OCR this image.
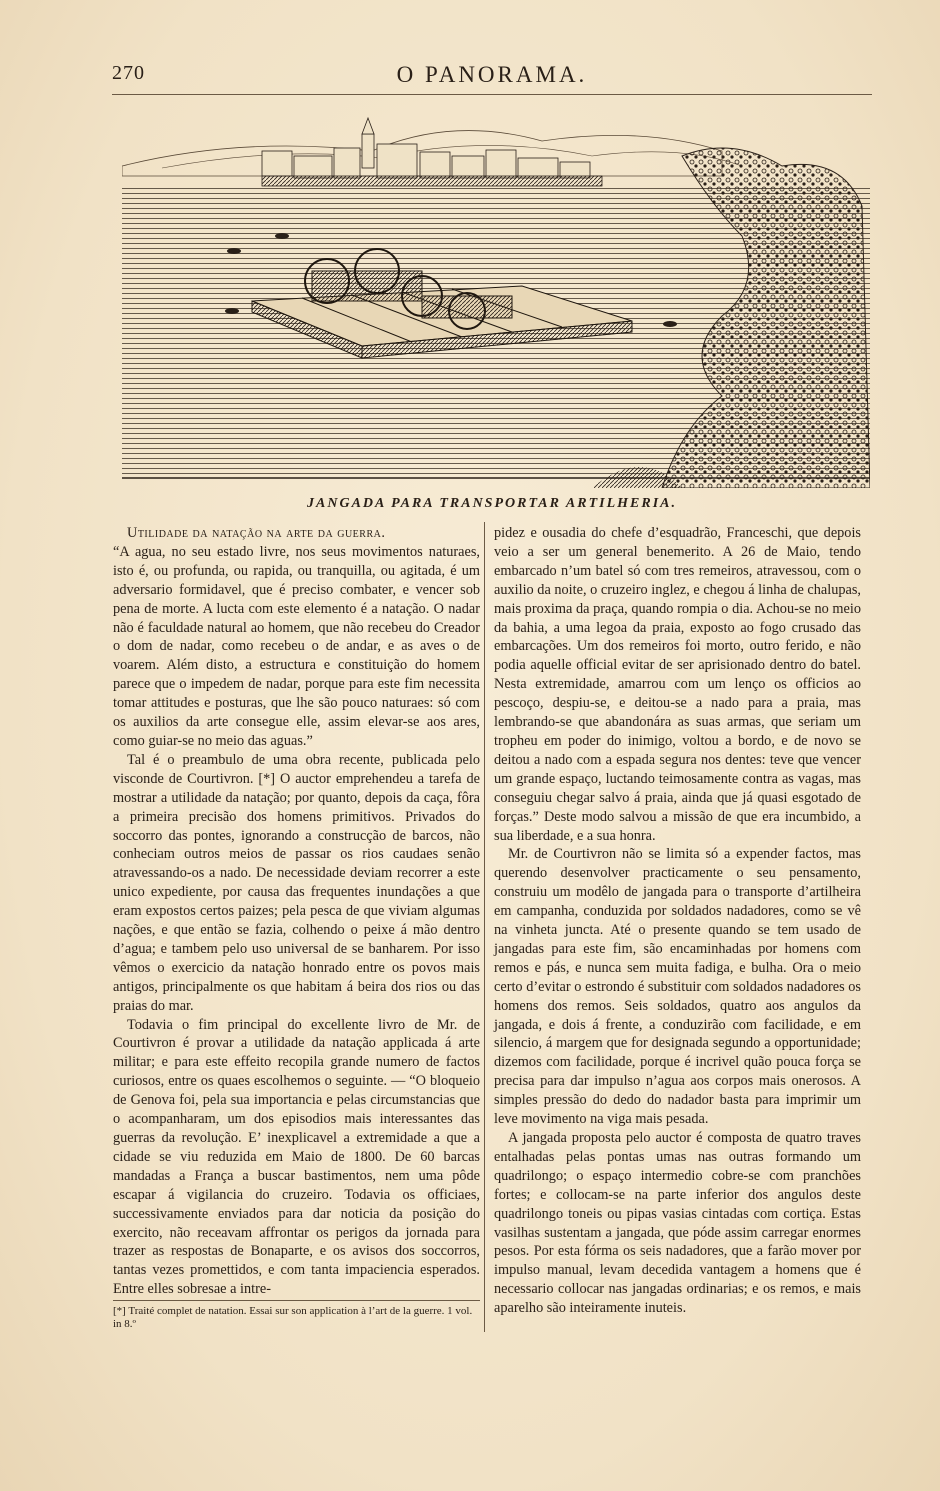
270	O PANORAMA.
JANGADA PARA TRANSPORTAR ARTILHERIA.

Utilidade da natação na arte da guerra.

“A agua, no seu estado livre, nos seus movimentos naturaes, isto é, ou profunda, ou rapida, ou tranquilla, ou agitada, é um adversario formidavel, que é preciso combater, e vencer sob pena de morte. A lucta com este elemento é a natação. O nadar não é faculdade natural ao homem, que não recebeu do Creador o dom de nadar, como recebeu o de andar, e as aves o de voarem. Além disto, a estructura e constituição do homem parece que o impedem de nadar, porque para este fim necessita tomar attitudes e posturas, que lhe são pouco naturaes: só com os auxilios da arte consegue elle, assim elevar-se aos ares, como guiar-se no meio das aguas.”

Tal é o preambulo de uma obra recente, publicada pelo visconde de Courtivron. [*] O auctor emprehendeu a tarefa de mostrar a utilidade da natação; por quanto, depois da caça, fôra a primeira precisão dos homens primitivos. Privados do soccorro das pontes, ignorando a construcção de barcos, não conheciam outros meios de passar os rios caudaes senão atravessando-os a nado. De necessidade deviam recorrer a este unico expediente, por causa das frequentes inundações a que eram expostos certos paizes; pela pesca de que viviam algumas nações, e que então se fazia, colhendo o peixe á mão dentro d’agua; e tambem pelo uso universal de se banharem. Por isso vêmos o exercicio da natação honrado entre os povos mais antigos, principalmente os que habitam á beira dos rios ou das praias do mar.

Todavia o fim principal do excellente livro de Mr. de Courtivron é provar a utilidade da natação applicada á arte militar; e para este effeito recopila grande numero de factos curiosos, entre os quaes escolhemos o seguinte. — “O bloqueio de Genova foi, pela sua importancia e pelas circumstancias que o acompanharam, um dos episodios mais interessantes das guerras da revolução. E’ inexplicavel a extremidade a que a cidade se viu reduzida em Maio de 1800. De 60 barcas mandadas a França a buscar bastimentos, nem uma pôde escapar á vigilancia do cruzeiro. Todavia os officiaes, successivamente enviados para dar noticia da posição do exercito, não receavam affrontar os perigos da jornada para trazer as respostas de Bonaparte, e os avisos dos soccorros, tantas vezes promettidos, e com tanta impaciencia esperados. Entre elles sobresae a intre-

pidez e ousadia do chefe d’esquadrão, Franceschi, que depois veio a ser um general benemerito. A 26 de Maio, tendo embarcado n’um batel só com tres remeiros, atravessou, com o auxilio da noite, o cruzeiro inglez, e chegou á linha de chalupas, mais proxima da praça, quando rompia o dia. Achou-se no meio da bahia, a uma legoa da praia, exposto ao fogo crusado das embarcações. Um dos remeiros foi morto, outro ferido, e não podia aquelle official evitar de ser aprisionado dentro do batel. Nesta extremidade, amarrou com um lenço os officios ao pescoço, despiu-se, e deitou-se a nado para a praia, mas lembrando-se que abandonára as suas armas, que seriam um tropheu em poder do inimigo, voltou a bordo, e de novo se deitou a nado com a espada segura nos dentes: teve que vencer um grande espaço, luctando teimosamente contra as vagas, mas conseguiu chegar salvo á praia, ainda que já quasi esgotado de forças.” Deste modo salvou a missão de que era incumbido, a sua liberdade, e a sua honra.

Mr. de Courtivron não se limita só a expender factos, mas querendo desenvolver practicamente o seu pensamento, construiu um modêlo de jangada para o transporte d’artilheira em campanha, conduzida por soldados nadadores, como se vê na vinheta juncta. Até o presente quando se tem usado de jangadas para este fim, são encaminhadas por homens com remos e pás, e nunca sem muita fadiga, e bulha. Ora o meio certo d’evitar o estrondo é substituir com soldados nadadores os homens dos remos. Seis soldados, quatro aos angulos da jangada, e dois á frente, a conduzirão com facilidade, e em silencio, á margem que for designada segundo a opportunidade; dizemos com facilidade, porque é incrivel quão pouca força se precisa para dar impulso n’agua aos corpos mais onerosos. A simples pressão do dedo do nadador basta para imprimir um leve movimento na viga mais pesada.

A jangada proposta pelo auctor é composta de quatro traves entalhadas pelas pontas umas nas outras formando um quadrilongo; o espaço intermedio cobre-se com pranchões fortes; e collocam-se na parte inferior dos angulos deste quadrilongo toneis ou pipas vasias cintadas com cortiça. Estas vasilhas sustentam a jangada, que póde assim carregar enormes pesos. Por esta fórma os seis nadadores, que a farão mover por impulso manual, levam decedida vantagem a homens que é necessario collocar nas jangadas ordinarias; e os remos, e mais aparelho são inteiramente inuteis.

[*] Traité complet de natation. Essai sur son application à l’art de la guerre. 1 vol. in 8.º
